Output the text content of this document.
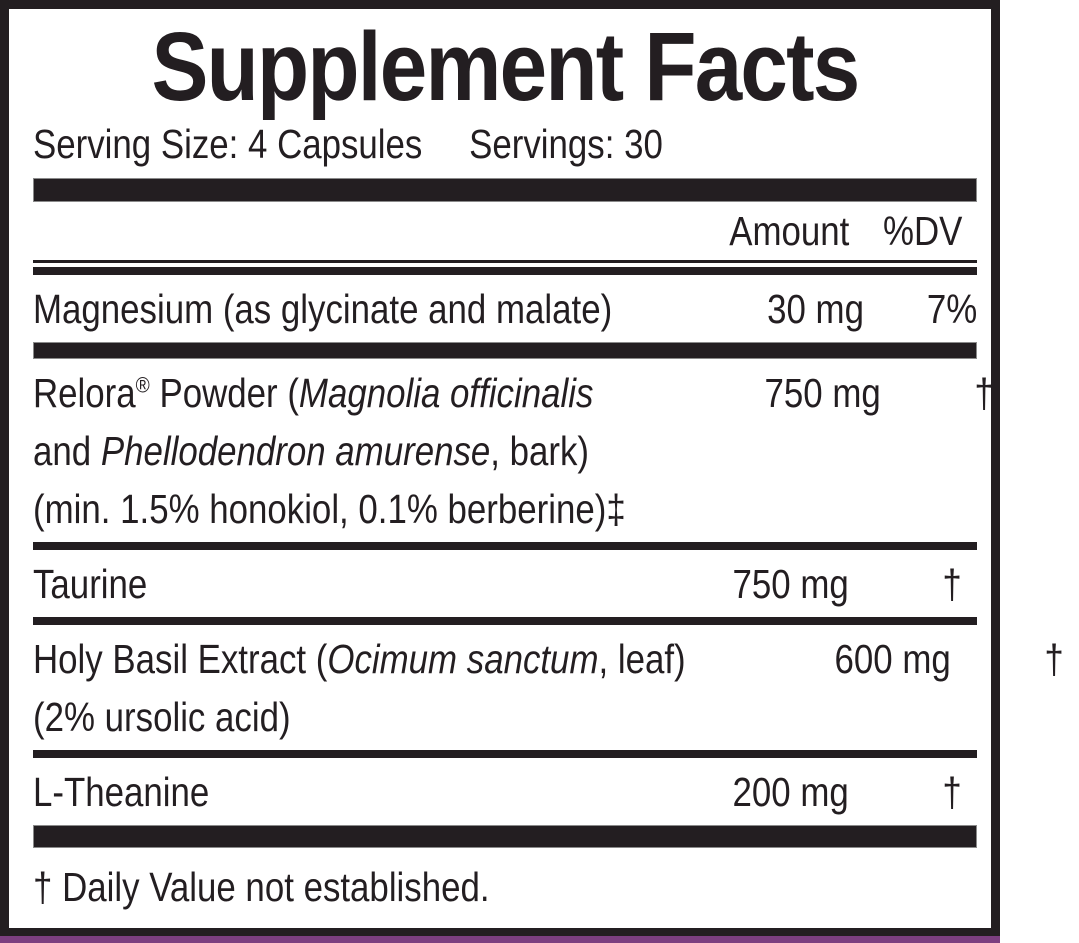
Supplement Facts
Serving Size: 4 Capsules Servings: 30
Amount %DV
Magnesium (as glycinate and malate)	30 mg	7%
Relora® Powder (Magnolia officinalis
and Phellodendron amurense, bark)
(min. 1.5% honokiol, 0.1% berberine)‡
750 mg	†
Taurine	750 mg	†
Holy Basil Extract (Ocimum sanctum, leaf)
(2% ursolic acid)
600 mg	†
L-Theanine	200 mg	†
† Daily Value not established.
